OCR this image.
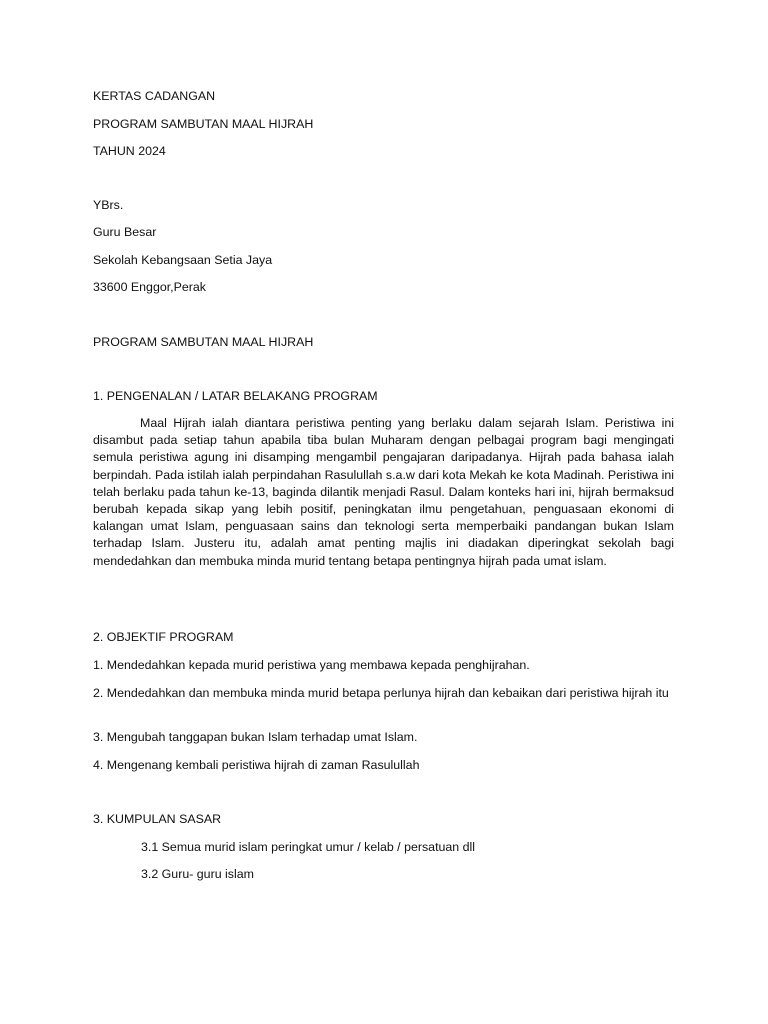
KERTAS CADANGAN
PROGRAM SAMBUTAN MAAL HIJRAH
TAHUN 2024
YBrs.
Guru Besar
Sekolah Kebangsaan Setia Jaya
33600 Enggor,Perak
PROGRAM SAMBUTAN MAAL HIJRAH
1. PENGENALAN / LATAR BELAKANG PROGRAM
Maal Hijrah ialah diantara peristiwa penting yang berlaku dalam sejarah Islam. Peristiwa ini disambut pada setiap tahun apabila tiba bulan Muharam dengan pelbagai program bagi mengingati semula peristiwa agung ini disamping mengambil pengajaran daripadanya. Hijrah pada bahasa ialah berpindah. Pada istilah ialah perpindahan Rasulullah s.a.w dari kota Mekah ke kota Madinah. Peristiwa ini telah berlaku pada tahun ke-13, baginda dilantik menjadi Rasul. Dalam konteks hari ini, hijrah bermaksud berubah kepada sikap yang lebih positif, peningkatan ilmu pengetahuan, penguasaan ekonomi di kalangan umat Islam, penguasaan sains dan teknologi serta memperbaiki pandangan bukan Islam terhadap Islam. Justeru itu, adalah amat penting majlis ini diadakan diperingkat sekolah bagi mendedahkan dan membuka minda murid tentang betapa pentingnya hijrah pada umat islam.
2. OBJEKTIF PROGRAM
1. Mendedahkan kepada murid peristiwa yang membawa kepada penghijrahan.
2. Mendedahkan dan membuka minda murid betapa perlunya hijrah dan kebaikan dari peristiwa hijrah itu
3. Mengubah tanggapan bukan Islam terhadap umat Islam.
4. Mengenang kembali peristiwa hijrah di zaman Rasulullah
3. KUMPULAN SASAR
3.1 Semua murid islam peringkat umur / kelab / persatuan dll
3.2 Guru- guru islam
